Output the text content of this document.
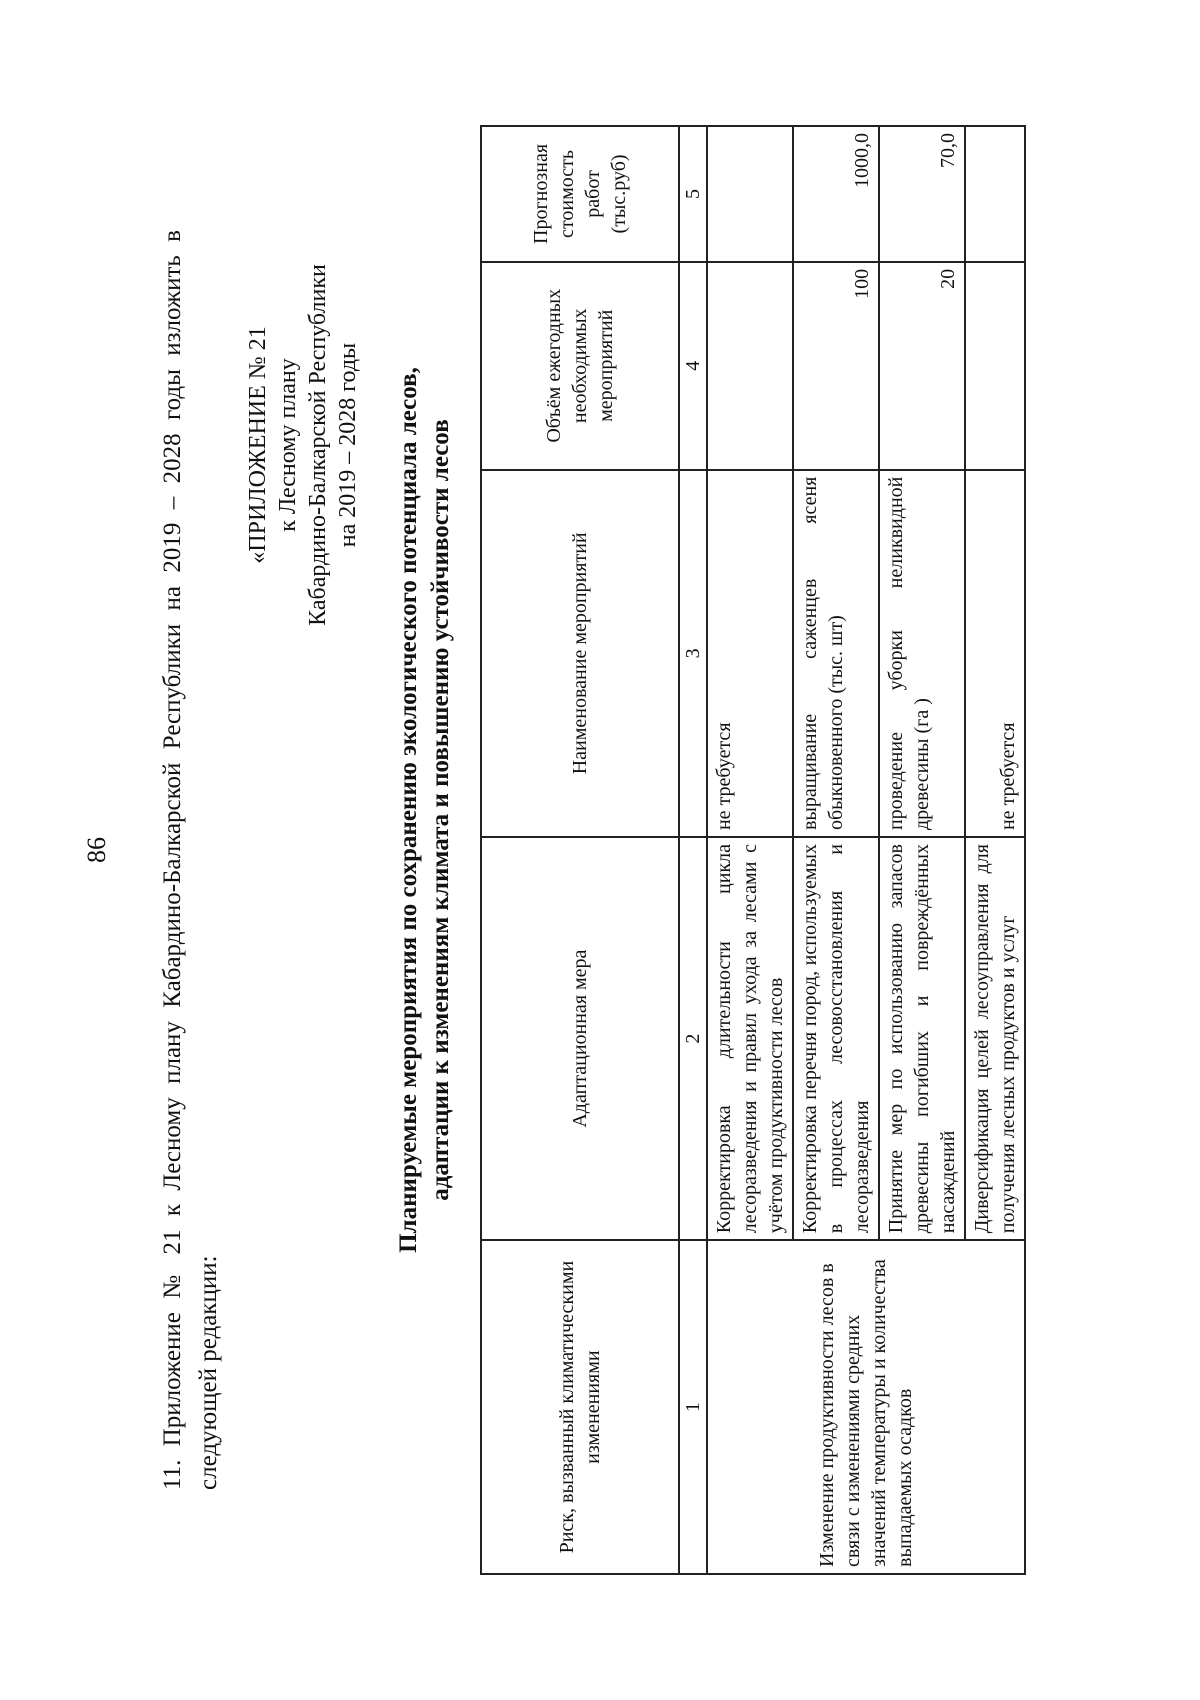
86 11. Приложение № 21 к Лесному плану Кабардино-Балкарской Республики на 2019 – 2028 годы изложить в следующей редакции:
«ПРИЛОЖЕНИЕ № 21 к Лесному плану Кабардино-Балкарской Республики на 2019 – 2028 годы Планируемые мероприятия по сохранению экологического потенциала лесов, адаптации к изменениям климата и повышению устойчивости лесов
Риск, вызванный климатическими изменениями	Адаптационная мера	Наименование мероприятий	Объём ежегодных необходимых мероприятий	Прогнозная стоимость работ (тыс.руб)
1	2	3	4	5
Изменение продуктивности лесов в связи с изменениями средних значений температуры и количества выпадаемых осадков	Корректировка длительности цикла лесоразведения и правил ухода за лесами с учётом продуктивности лесов	не требуется		
	Корректировка перечня пород, используемых в процессах лесовосстановления и лесоразведения	выращивание саженцев ясеня обыкновенного (тыс. шт)	100	1000,0
	Принятие мер по использованию запасов древесины погибших и повреждённых насаждений	проведение уборки неликвидной древесины (га )	20	70,0
	Диверсификация целей лесоуправления для получения лесных продуктов и услуг	не требуется		
